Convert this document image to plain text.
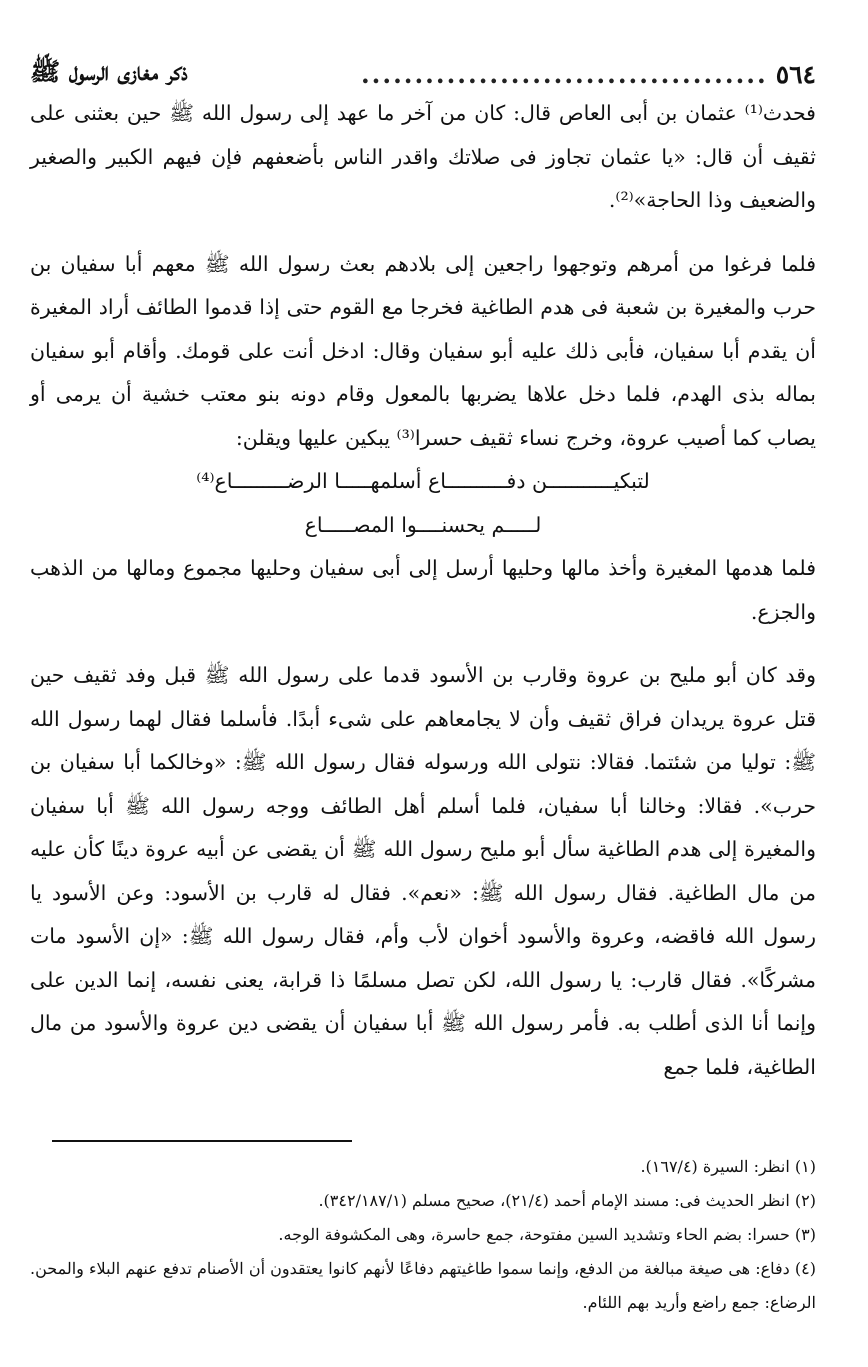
٥٦٤
......................................
ذكر مغازى الرسول ﷺ

فحدث⁽¹⁾ عثمان بن أبى العاص قال: كان من آخر ما عهد إلى رسول الله ﷺ حين بعثنى على ثقيف أن قال: «يا عثمان تجاوز فى صلاتك واقدر الناس بأضعفهم فإن فيهم الكبير والصغير والضعيف وذا الحاجة»⁽²⁾.

فلما فرغوا من أمرهم وتوجهوا راجعين إلى بلادهم بعث رسول الله ﷺ معهم أبا سفيان بن حرب والمغيرة بن شعبة فى هدم الطاغية فخرجا مع القوم حتى إذا قدموا الطائف أراد المغيرة أن يقدم أبا سفيان، فأبى ذلك عليه أبو سفيان وقال: ادخل أنت على قومك. وأقام أبو سفيان بماله بذى الهدم، فلما دخل علاها يضربها بالمعول وقام دونه بنو معتب خشية أن يرمى أو يصاب كما أصيب عروة، وخرج نساء ثقيف حسرا⁽³⁾ يبكين عليها ويقلن:

لتبكيـــــــــــن دفــــــــــاع أسلمهـــــا الرضـــــــــاع⁽⁴⁾
لـــــم يحسنــــوا المصـــــاع

فلما هدمها المغيرة وأخذ مالها وحليها أرسل إلى أبى سفيان وحليها مجموع ومالها من الذهب والجزع.

وقد كان أبو مليح بن عروة وقارب بن الأسود قدما على رسول الله ﷺ قبل وفد ثقيف حين قتل عروة يريدان فراق ثقيف وأن لا يجامعاهم على شىء أبدًا. فأسلما فقال لهما رسول الله ﷺ: توليا من شئتما. فقالا: نتولى الله ورسوله فقال رسول الله ﷺ: «وخالكما أبا سفيان بن حرب». فقالا: وخالنا أبا سفيان، فلما أسلم أهل الطائف ووجه رسول الله ﷺ أبا سفيان والمغيرة إلى هدم الطاغية سأل أبو مليح رسول الله ﷺ أن يقضى عن أبيه عروة دينًا كأن عليه من مال الطاغية. فقال رسول الله ﷺ: «نعم». فقال له قارب بن الأسود: وعن الأسود يا رسول الله فاقضه، وعروة والأسود أخوان لأب وأم، فقال رسول الله ﷺ: «إن الأسود مات مشركًا». فقال قارب: يا رسول الله، لكن تصل مسلمًا ذا قرابة، يعنى نفسه، إنما الدين على وإنما أنا الذى أطلب به. فأمر رسول الله ﷺ أبا سفيان أن يقضى دين عروة والأسود من مال الطاغية، فلما جمع

(١) انظر: السيرة (١٦٧/٤).

(٢) انظر الحديث فى: مسند الإمام أحمد (٢١/٤)، صحيح مسلم (٣٤٢/١٨٧/١).

(٣) حسرا: بضم الحاء وتشديد السين مفتوحة، جمع حاسرة، وهى المكشوفة الوجه.

(٤) دفاع: هى صيغة مبالغة من الدفع، وإنما سموا طاغيتهم دفاعًا لأنهم كانوا يعتقدون أن الأصنام تدفع عنهم البلاء والمحن. الرضاع: جمع راضع وأريد بهم اللئام.
